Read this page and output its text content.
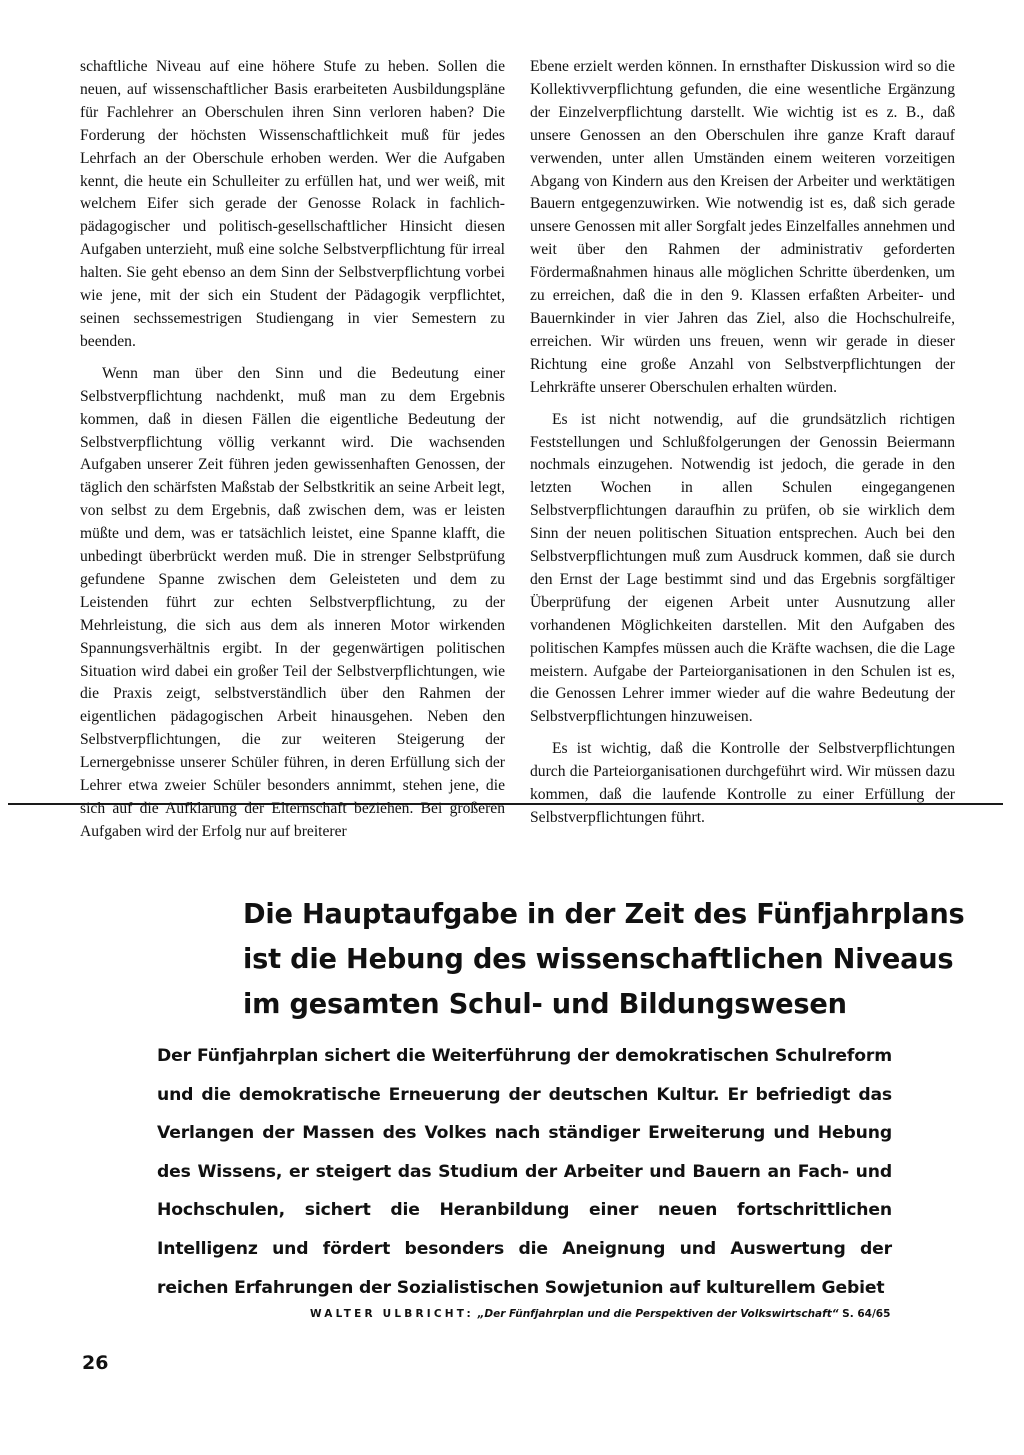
schaftliche Niveau auf eine höhere Stufe zu heben. Sollen die neuen, auf wissenschaftlicher Basis erarbeiteten Ausbildungspläne für Fachlehrer an Oberschulen ihren Sinn verloren haben? Die Forderung der höchsten Wissenschaftlichkeit muß für jedes Lehrfach an der Oberschule erhoben werden. Wer die Aufgaben kennt, die heute ein Schulleiter zu erfüllen hat, und wer weiß, mit welchem Eifer sich gerade der Genosse Rolack in fachlich-pädagogischer und politisch-gesellschaftlicher Hinsicht diesen Aufgaben unterzieht, muß eine solche Selbstverpflichtung für irreal halten. Sie geht ebenso an dem Sinn der Selbstverpflichtung vorbei wie jene, mit der sich ein Student der Pädagogik verpflichtet, seinen sechssemestrigen Studiengang in vier Semestern zu beenden.

Wenn man über den Sinn und die Bedeutung einer Selbstverpflichtung nachdenkt, muß man zu dem Ergebnis kommen, daß in diesen Fällen die eigentliche Bedeutung der Selbstverpflichtung völlig verkannt wird. Die wachsenden Aufgaben unserer Zeit führen jeden gewissenhaften Genossen, der täglich den schärfsten Maßstab der Selbstkritik an seine Arbeit legt, von selbst zu dem Ergebnis, daß zwischen dem, was er leisten müßte und dem, was er tatsächlich leistet, eine Spanne klafft, die unbedingt überbrückt werden muß. Die in strenger Selbstprüfung gefundene Spanne zwischen dem Geleisteten und dem zu Leistenden führt zur echten Selbstverpflichtung, zu der Mehrleistung, die sich aus dem als inneren Motor wirkenden Spannungsverhältnis ergibt. In der gegenwärtigen politischen Situation wird dabei ein großer Teil der Selbstverpflichtungen, wie die Praxis zeigt, selbstverständlich über den Rahmen der eigentlichen pädagogischen Arbeit hinausgehen. Neben den Selbstverpflichtungen, die zur weiteren Steigerung der Lernergebnisse unserer Schüler führen, in deren Erfüllung sich der Lehrer etwa zweier Schüler besonders annimmt, stehen jene, die sich auf die Aufklärung der Elternschaft beziehen. Bei größeren Aufgaben wird der Erfolg nur auf breiterer

Ebene erzielt werden können. In ernsthafter Diskussion wird so die Kollektivverpflichtung gefunden, die eine wesentliche Ergänzung der Einzelverpflichtung darstellt. Wie wichtig ist es z. B., daß unsere Genossen an den Oberschulen ihre ganze Kraft darauf verwenden, unter allen Umständen einem weiteren vorzeitigen Abgang von Kindern aus den Kreisen der Arbeiter und werktätigen Bauern entgegenzuwirken. Wie notwendig ist es, daß sich gerade unsere Genossen mit aller Sorgfalt jedes Einzelfalles annehmen und weit über den Rahmen der administrativ geforderten Fördermaßnahmen hinaus alle möglichen Schritte überdenken, um zu erreichen, daß die in den 9. Klassen erfaßten Arbeiter- und Bauernkinder in vier Jahren das Ziel, also die Hochschulreife, erreichen. Wir würden uns freuen, wenn wir gerade in dieser Richtung eine große Anzahl von Selbstverpflichtungen der Lehrkräfte unserer Oberschulen erhalten würden.

Es ist nicht notwendig, auf die grundsätzlich richtigen Feststellungen und Schlußfolgerungen der Genossin Beiermann nochmals einzugehen. Notwendig ist jedoch, die gerade in den letzten Wochen in allen Schulen eingegangenen Selbstverpflichtungen daraufhin zu prüfen, ob sie wirklich dem Sinn der neuen politischen Situation entsprechen. Auch bei den Selbstverpflichtungen muß zum Ausdruck kommen, daß sie durch den Ernst der Lage bestimmt sind und das Ergebnis sorgfältiger Überprüfung der eigenen Arbeit unter Ausnutzung aller vorhandenen Möglichkeiten darstellen. Mit den Aufgaben des politischen Kampfes müssen auch die Kräfte wachsen, die die Lage meistern. Aufgabe der Parteiorganisationen in den Schulen ist es, die Genossen Lehrer immer wieder auf die wahre Bedeutung der Selbstverpflichtungen hinzuweisen.

Es ist wichtig, daß die Kontrolle der Selbstverpflichtungen durch die Parteiorganisationen durchgeführt wird. Wir müssen dazu kommen, daß die laufende Kontrolle zu einer Erfüllung der Selbstverpflichtungen führt.

Die Hauptaufgabe in der Zeit des Fünfjahrplans
ist die Hebung des wissenschaftlichen Niveaus
im gesamten Schul- und Bildungswesen

Der Fünfjahrplan sichert die Weiterführung der demokratischen Schulreform und die demokratische Erneuerung der deutschen Kultur. Er befriedigt das Verlangen der Massen des Volkes nach ständiger Erweiterung und Hebung des Wissens, er steigert das Studium der Arbeiter und Bauern an Fach- und Hochschulen, sichert die Heranbildung einer neuen fortschrittlichen Intelligenz und fördert besonders die Aneignung und Auswertung der reichen Erfahrungen der Sozialistischen Sowjetunion auf kulturellem Gebiet

WALTER ULBRICHT: „Der Fünfjahrplan und die Perspektiven der Volkswirtschaft“ S. 64/65

26
